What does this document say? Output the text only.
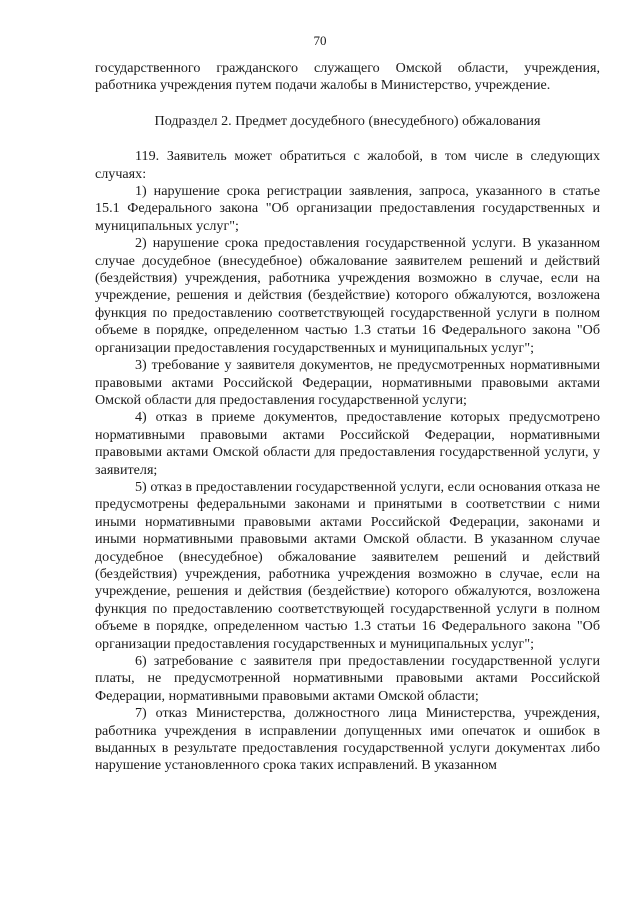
70

государственного гражданского служащего Омской области, учреждения, работника учреждения путем подачи жалобы в Министерство, учреждение.

Подраздел 2. Предмет досудебного (внесудебного) обжалования

119. Заявитель может обратиться с жалобой, в том числе в следующих случаях:

1) нарушение срока регистрации заявления, запроса, указанного в статье 15.1 Федерального закона "Об организации предоставления государственных и муниципальных услуг";

2) нарушение срока предоставления государственной услуги. В указанном случае досудебное (внесудебное) обжалование заявителем решений и действий (бездействия) учреждения, работника учреждения возможно в случае, если на учреждение, решения и действия (бездействие) которого обжалуются, возложена функция по предоставлению соответствующей государственной услуги в полном объеме в порядке, определенном частью 1.3 статьи 16 Федерального закона "Об организации предоставления государственных и муниципальных услуг";

3) требование у заявителя документов, не предусмотренных нормативными правовыми актами Российской Федерации, нормативными правовыми актами Омской области для предоставления государственной услуги;

4) отказ в приеме документов, предоставление которых предусмотрено нормативными правовыми актами Российской Федерации, нормативными правовыми актами Омской области для предоставления государственной услуги, у заявителя;

5) отказ в предоставлении государственной услуги, если основания отказа не предусмотрены федеральными законами и принятыми в соответствии с ними иными нормативными правовыми актами Российской Федерации, законами и иными нормативными правовыми актами Омской области. В указанном случае досудебное (внесудебное) обжалование заявителем решений и действий (бездействия) учреждения, работника учреждения возможно в случае, если на учреждение, решения и действия (бездействие) которого обжалуются, возложена функция по предоставлению соответствующей государственной услуги в полном объеме в порядке, определенном частью 1.3 статьи 16 Федерального закона "Об организации предоставления государственных и муниципальных услуг";

6) затребование с заявителя при предоставлении государственной услуги платы, не предусмотренной нормативными правовыми актами Российской Федерации, нормативными правовыми актами Омской области;

7) отказ Министерства, должностного лица Министерства, учреждения, работника учреждения в исправлении допущенных ими опечаток и ошибок в выданных в результате предоставления государственной услуги документах либо нарушение установленного срока таких исправлений. В указанном
